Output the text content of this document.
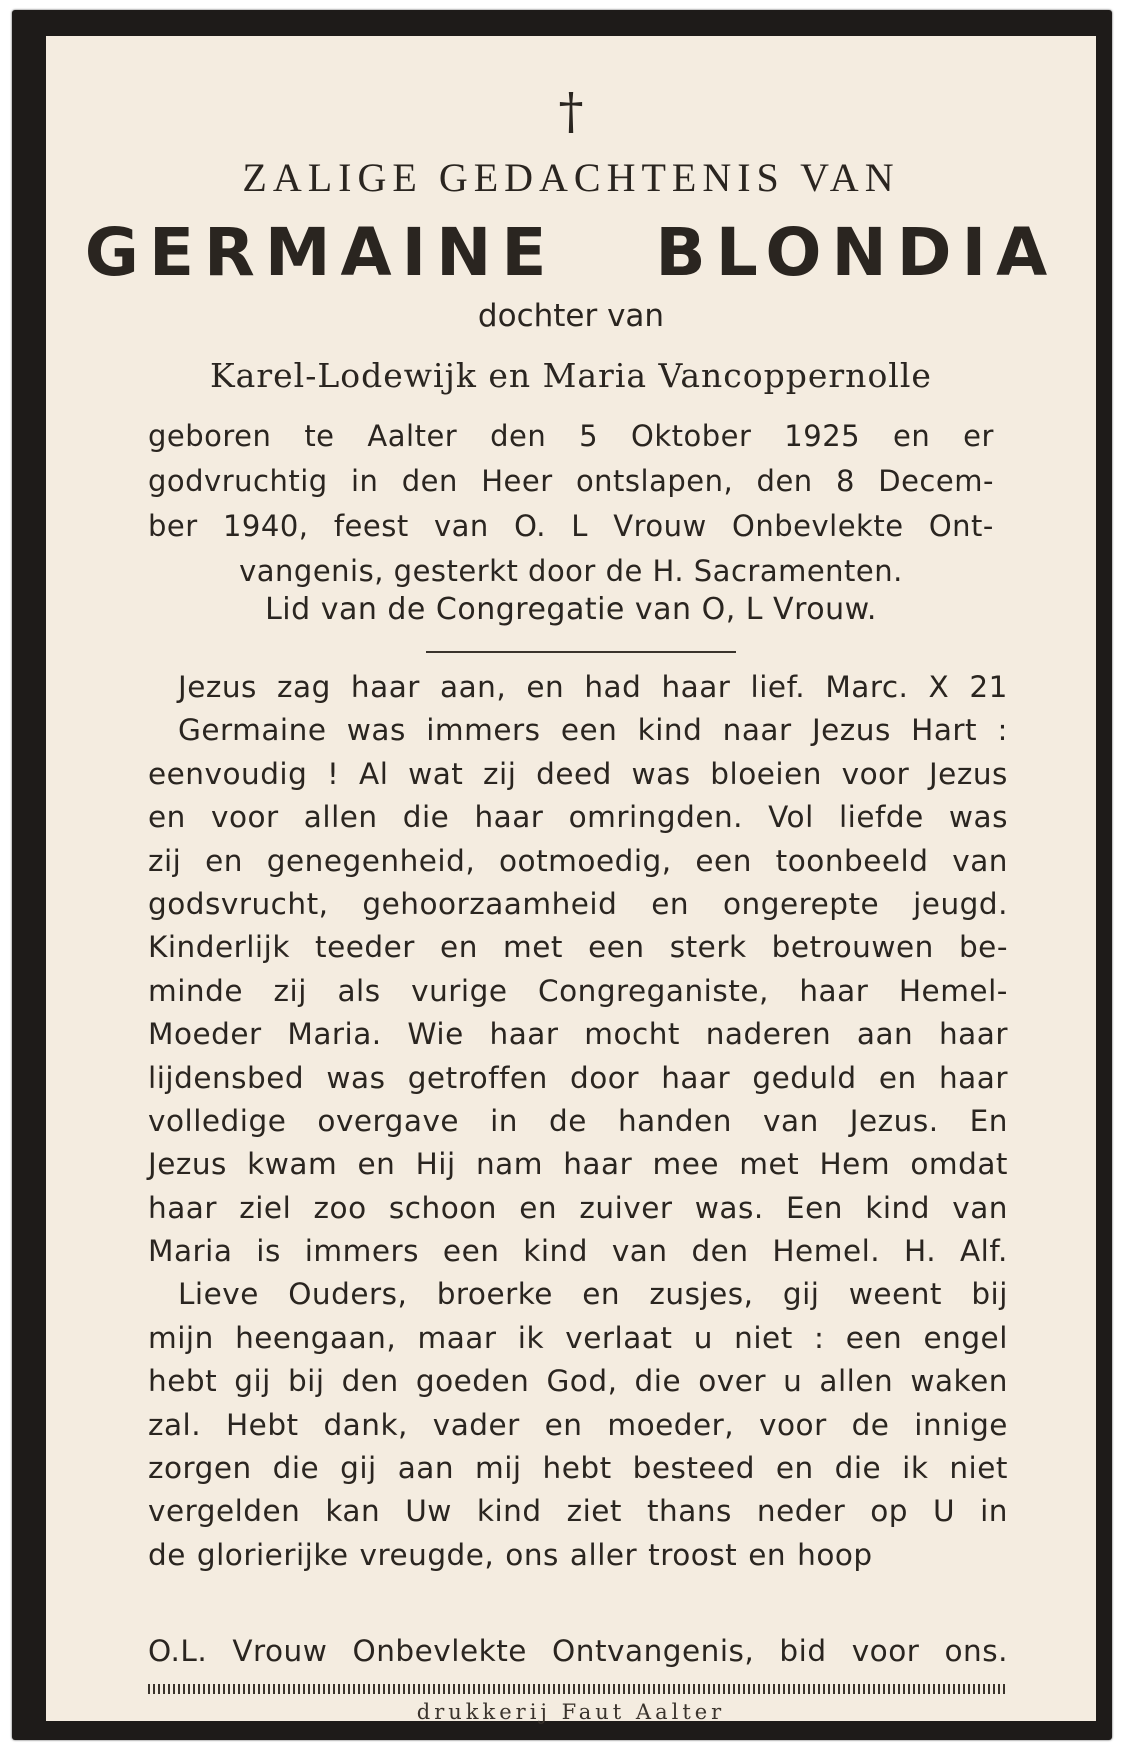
†
ZALIGE GEDACHTENIS VAN
GERMAINE   BLONDIA
dochter van
Karel-Lodewijk en Maria Vancoppernolle
geboren te Aalter den 5 Oktober 1925 en er
godvruchtig in den Heer ontslapen, den 8 Decem-
ber 1940, feest van O. L Vrouw Onbevlekte Ont-
vangenis, gesterkt door de H. Sacramenten.
Lid van de Congregatie van O, L Vrouw.
Jezus zag haar aan, en had haar lief. Marc. X 21
Germaine was immers een kind naar Jezus Hart :
eenvoudig ! Al wat zij deed was bloeien voor Jezus
en voor allen die haar omringden. Vol liefde was
zij en genegenheid, ootmoedig, een toonbeeld van
godsvrucht, gehoorzaamheid en ongerepte jeugd.
Kinderlijk teeder en met een sterk betrouwen be-
minde zij als vurige Congreganiste, haar Hemel-
Moeder Maria. Wie haar mocht naderen aan haar
lijdensbed was getroffen door haar geduld en haar
volledige overgave in de handen van Jezus. En
Jezus kwam en Hij nam haar mee met Hem omdat
haar ziel zoo schoon en zuiver was. Een kind van
Maria is immers een kind van den Hemel. H. Alf.
Lieve Ouders, broerke en zusjes, gij weent bij
mijn heengaan, maar ik verlaat u niet : een engel
hebt gij bij den goeden God, die over u allen waken
zal. Hebt dank, vader en moeder, voor de innige
zorgen die gij aan mij hebt besteed en die ik niet
vergelden kan Uw kind ziet thans neder op U in
de glorierijke vreugde, ons aller troost en hoop
O.L. Vrouw Onbevlekte Ontvangenis, bid voor ons.
drukkerij Faut Aalter
